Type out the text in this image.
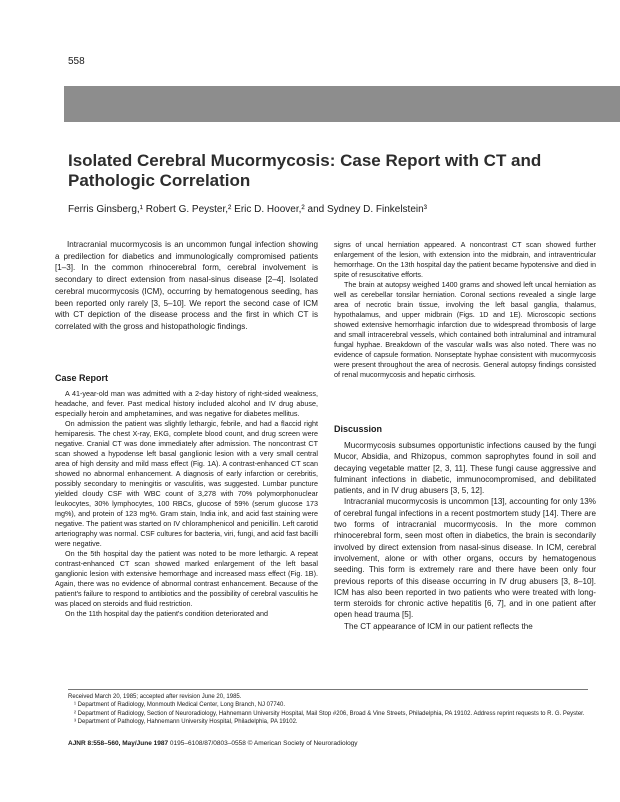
558
Isolated Cerebral Mucormycosis: Case Report with CT and Pathologic Correlation
Ferris Ginsberg,¹ Robert G. Peyster,² Eric D. Hoover,² and Sydney D. Finkelstein³

Intracranial mucormycosis is an uncommon fungal infection showing a predilection for diabetics and immunologically compromised patients [1–3]. In the common rhinocerebral form, cerebral involvement is secondary to direct extension from nasal-sinus disease [2–4]. Isolated cerebral mucormycosis (ICM), occurring by hematogenous seeding, has been reported only rarely [3, 5–10]. We report the second case of ICM with CT depiction of the disease process and the first in which CT is correlated with the gross and histopathologic findings.

Case Report

A 41-year-old man was admitted with a 2-day history of right-sided weakness, headache, and fever. Past medical history included alcohol and IV drug abuse, especially heroin and amphetamines, and was negative for diabetes mellitus.

On admission the patient was slightly lethargic, febrile, and had a flaccid right hemiparesis. The chest X-ray, EKG, complete blood count, and drug screen were negative. Cranial CT was done immediately after admission. The noncontrast CT scan showed a hypodense left basal ganglionic lesion with a very small central area of high density and mild mass effect (Fig. 1A). A contrast-enhanced CT scan showed no abnormal enhancement. A diagnosis of early infarction or cerebritis, possibly secondary to meningitis or vasculitis, was suggested. Lumbar puncture yielded cloudy CSF with WBC count of 3,278 with 70% polymorphonuclear leukocytes, 30% lymphocytes, 100 RBCs, glucose of 59% (serum glucose 173 mg%), and protein of 123 mg%. Gram stain, India ink, and acid fast staining were negative. The patient was started on IV chloramphenicol and penicillin. Left carotid arteriography was normal. CSF cultures for bacteria, viri, fungi, and acid fast bacilli were negative.

On the 5th hospital day the patient was noted to be more lethargic. A repeat contrast-enhanced CT scan showed marked enlargement of the left basal ganglionic lesion with extensive hemorrhage and increased mass effect (Fig. 1B). Again, there was no evidence of abnormal contrast enhancement. Because of the patient's failure to respond to antibiotics and the possibility of cerebral vasculitis he was placed on steroids and fluid restriction.

On the 11th hospital day the patient's condition deteriorated and

signs of uncal herniation appeared. A noncontrast CT scan showed further enlargement of the lesion, with extension into the midbrain, and intraventricular hemorrhage. On the 13th hospital day the patient became hypotensive and died in spite of resuscitative efforts.

The brain at autopsy weighed 1400 grams and showed left uncal herniation as well as cerebellar tonsilar herniation. Coronal sections revealed a single large area of necrotic brain tissue, involving the left basal ganglia, thalamus, hypothalamus, and upper midbrain (Figs. 1D and 1E). Microscopic sections showed extensive hemorrhagic infarction due to widespread thrombosis of large and small intracerebral vessels, which contained both intraluminal and intramural fungal hyphae. Breakdown of the vascular walls was also noted. There was no evidence of capsule formation. Nonseptate hyphae consistent with mucormycosis were present throughout the area of necrosis. General autopsy findings consisted of renal mucormycosis and hepatic cirrhosis.

Discussion

Mucormycosis subsumes opportunistic infections caused by the fungi Mucor, Absidia, and Rhizopus, common saprophytes found in soil and decaying vegetable matter [2, 3, 11]. These fungi cause aggressive and fulminant infections in diabetic, immunocompromised, and debilitated patients, and in IV drug abusers [3, 5, 12].

Intracranial mucormycosis is uncommon [13], accounting for only 13% of cerebral fungal infections in a recent postmortem study [14]. There are two forms of intracranial mucormycosis. In the more common rhinocerebral form, seen most often in diabetics, the brain is secondarily involved by direct extension from nasal-sinus disease. In ICM, cerebral involvement, alone or with other organs, occurs by hematogenous seeding. This form is extremely rare and there have been only four previous reports of this disease occurring in IV drug abusers [3, 8–10]. ICM has also been reported in two patients who were treated with long-term steroids for chronic active hepatitis [6, 7], and in one patient after open head trauma [5].

The CT appearance of ICM in our patient reflects the

Received March 20, 1985; accepted after revision June 20, 1985.

¹ Department of Radiology, Monmouth Medical Center, Long Branch, NJ 07740.

² Department of Radiology, Section of Neuroradiology, Hahnemann University Hospital, Mail Stop #206, Broad & Vine Streets, Philadelphia, PA 19102. Address reprint requests to R. G. Peyster.

³ Department of Pathology, Hahnemann University Hospital, Philadelphia, PA 19102.

AJNR 8:558–560, May/June 1987 0195–6108/87/0803–0558 © American Society of Neuroradiology
